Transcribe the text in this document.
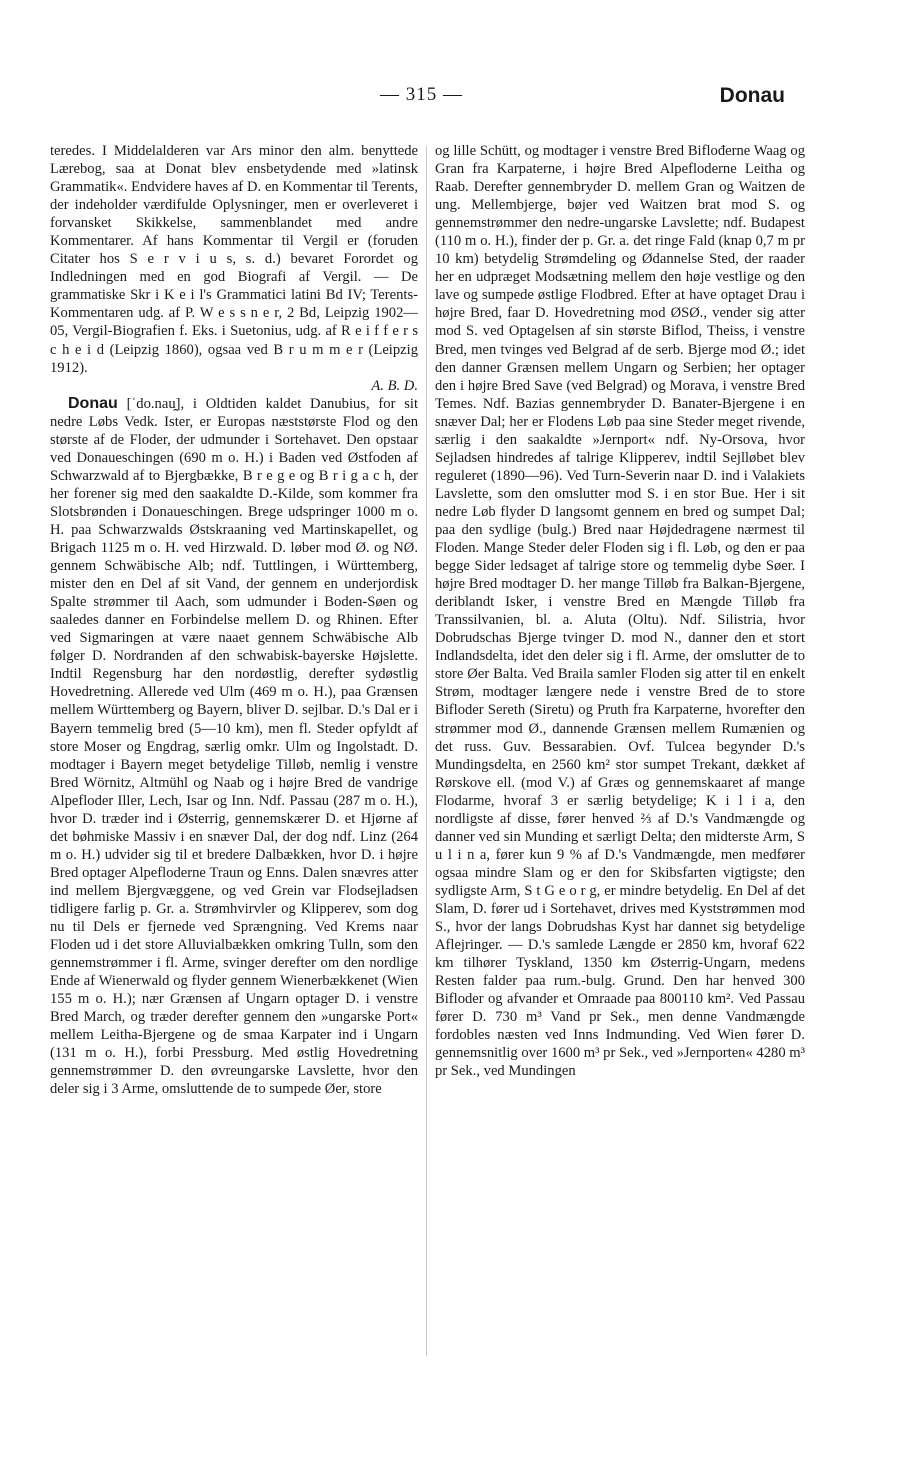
— 315 —	Donau

teredes. I Middelalderen var Ars minor den alm. benyttede Lærebog, saa at Donat blev ensbetydende med »latinsk Grammatik«. Endvidere haves af D. en Kommentar til Terents, der indeholder værdifulde Oplysninger, men er overleveret i forvansket Skikkelse, sammenblandet med andre Kommentarer. Af hans Kommentar til Vergil er (foruden Citater hos S e r v i u s, s. d.) bevaret Forordet og Indledningen med en god Biografi af Vergil. — De grammatiske Skr i K e i l's Grammatici latini Bd IV; Terents-Kommentaren udg. af P. W e s s n e r, 2 Bd, Leipzig 1902—05, Vergil-Biografien f. Eks. i Suetonius, udg. af R e i f f e r s c h e i d (Leipzig 1860), ogsaa ved B r u m m e r (Leipzig 1912).

A. B. D.

Donau [ˈdo.nau̯], i Oldtiden kaldet Danubius, for sit nedre Løbs Vedk. Ister, er Europas næststørste Flod og den største af de Floder, der udmunder i Sortehavet. Den opstaar ved Donaueschingen (690 m o. H.) i Baden ved Østfoden af Schwarzwald af to Bjergbække, B r e g e og B r i g a c h, der her forener sig med den saakaldte D.-Kilde, som kommer fra Slotsbrønden i Donaueschingen. Brege udspringer 1000 m o. H. paa Schwarzwalds Østskraaning ved Martinskapellet, og Brigach 1125 m o. H. ved Hirzwald. D. løber mod Ø. og NØ. gennem Schwäbische Alb; ndf. Tuttlingen, i Württemberg, mister den en Del af sit Vand, der gennem en underjordisk Spalte strømmer til Aach, som udmunder i Boden-Søen og saaledes danner en Forbindelse mellem D. og Rhinen. Efter ved Sigmaringen at være naaet gennem Schwäbische Alb følger D. Nordranden af den schwabisk-bayerske Højslette. Indtil Regensburg har den nordøstlig, derefter sydøstlig Hovedretning. Allerede ved Ulm (469 m o. H.), paa Grænsen mellem Württemberg og Bayern, bliver D. sejlbar. D.'s Dal er i Bayern temmelig bred (5—10 km), men fl. Steder opfyldt af store Moser og Engdrag, særlig omkr. Ulm og Ingolstadt. D. modtager i Bayern meget betydelige Tilløb, nemlig i venstre Bred Wörnitz, Altmühl og Naab og i højre Bred de vandrige Alpefloder Iller, Lech, Isar og Inn. Ndf. Passau (287 m o. H.), hvor D. træder ind i Østerrig, gennemskærer D. et Hjørne af det bøhmiske Massiv i en snæver Dal, der dog ndf. Linz (264 m o. H.) udvider sig til et bredere Dalbækken, hvor D. i højre Bred optager Alpefloderne Traun og Enns. Dalen snævres atter ind mellem Bjergvæggene, og ved Grein var Flodsejladsen tidligere farlig p. Gr. a. Strømhvirvler og Klipperev, som dog nu til Dels er fjernede ved Sprængning. Ved Krems naar Floden ud i det store Alluvialbækken omkring Tulln, som den gennemstrømmer i fl. Arme, svinger derefter om den nordlige Ende af Wienerwald og flyder gennem Wienerbækkenet (Wien 155 m o. H.); nær Grænsen af Ungarn optager D. i venstre Bred March, og træder derefter gennem den »ungarske Port« mellem Leitha-Bjergene og de smaa Karpater ind i Ungarn (131 m o. H.), forbi Pressburg. Med østlig Hovedretning gennemstrømmer D. den øvreungarske Lavslette, hvor den deler sig i 3 Arme, omsluttende de to sumpede Øer, store

og lille Schütt, og modtager i venstre Bred Biflođerne Waag og Gran fra Karpaterne, i højre Bred Alpefloderne Leitha og Raab. Derefter gennembryder D. mellem Gran og Waitzen de ung. Mellembjerge, bøjer ved Waitzen brat mod S. og gennemstrømmer den nedre-ungarske Lavslette; ndf. Budapest (110 m o. H.), finder der p. Gr. a. det ringe Fald (knap 0,7 m pr 10 km) betydelig Strømdeling og Ødannelse Sted, der raader her en udpræget Modsætning mellem den høje vestlige og den lave og sumpede østlige Flodbred. Efter at have optaget Drau i højre Bred, faar D. Hovedretning mod ØSØ., vender sig atter mod S. ved Optagelsen af sin største Biflod, Theiss, i venstre Bred, men tvinges ved Belgrad af de serb. Bjerge mod Ø.; idet den danner Grænsen mellem Ungarn og Serbien; her optager den i højre Bred Save (ved Belgrad) og Morava, i venstre Bred Temes. Ndf. Bazias gennembryder D. Banater-Bjergene i en snæver Dal; her er Flodens Løb paa sine Steder meget rivende, særlig i den saakaldte »Jernport« ndf. Ny-Orsova, hvor Sejladsen hindredes af talrige Klipperev, indtil Sejlløbet blev reguleret (1890—96). Ved Turn-Severin naar D. ind i Valakiets Lavslette, som den omslutter mod S. i en stor Bue. Her i sit nedre Løb flyder D langsomt gennem en bred og sumpet Dal; paa den sydlige (bulg.) Bred naar Højdedragene nærmest til Floden. Mange Steder deler Floden sig i fl. Løb, og den er paa begge Sider ledsaget af talrige store og temmelig dybe Søer. I højre Bred modtager D. her mange Tilløb fra Balkan-Bjergene, deriblandt Isker, i venstre Bred en Mængde Tilløb fra Transsilvanien, bl. a. Aluta (Oltu). Ndf. Silistria, hvor Dobrudschas Bjerge tvinger D. mod N., danner den et stort Indlandsdelta, idet den deler sig i fl. Arme, der omslutter de to store Øer Balta. Ved Braila samler Floden sig atter til en enkelt Strøm, modtager længere nede i venstre Bred de to store Bifloder Sereth (Siretu) og Pruth fra Karpaterne, hvorefter den strømmer mod Ø., dannende Grænsen mellem Rumænien og det russ. Guv. Bessarabien. Ovf. Tulcea begynder D.'s Mundingsdelta, en 2560 km² stor sumpet Trekant, dækket af Rørskove ell. (mod V.) af Græs og gennemskaaret af mange Flodarme, hvoraf 3 er særlig betydelige; K i l i a, den nordligste af disse, fører henved ⅔ af D.'s Vandmængde og danner ved sin Munding et særligt Delta; den midterste Arm, S u l i n a, fører kun 9 % af D.'s Vandmængde, men medfører ogsaa mindre Slam og er den for Skibsfarten vigtigste; den sydligste Arm, S t G e o r g, er mindre betydelig. En Del af det Slam, D. fører ud i Sortehavet, drives med Kyststrømmen mod S., hvor der langs Dobrudshas Kyst har dannet sig betydelige Aflejringer. — D.'s samlede Længde er 2850 km, hvoraf 622 km tilhører Tyskland, 1350 km Østerrig-Ungarn, medens Resten falder paa rum.-bulg. Grund. Den har henved 300 Bifloder og afvander et Omraade paa 800110 km². Ved Passau fører D. 730 m³ Vand pr Sek., men denne Vandmængde fordobles næsten ved Inns Indmunding. Ved Wien fører D. gennemsnitlig over 1600 m³ pr Sek., ved »Jernporten« 4280 m³ pr Sek., ved Mundingen
